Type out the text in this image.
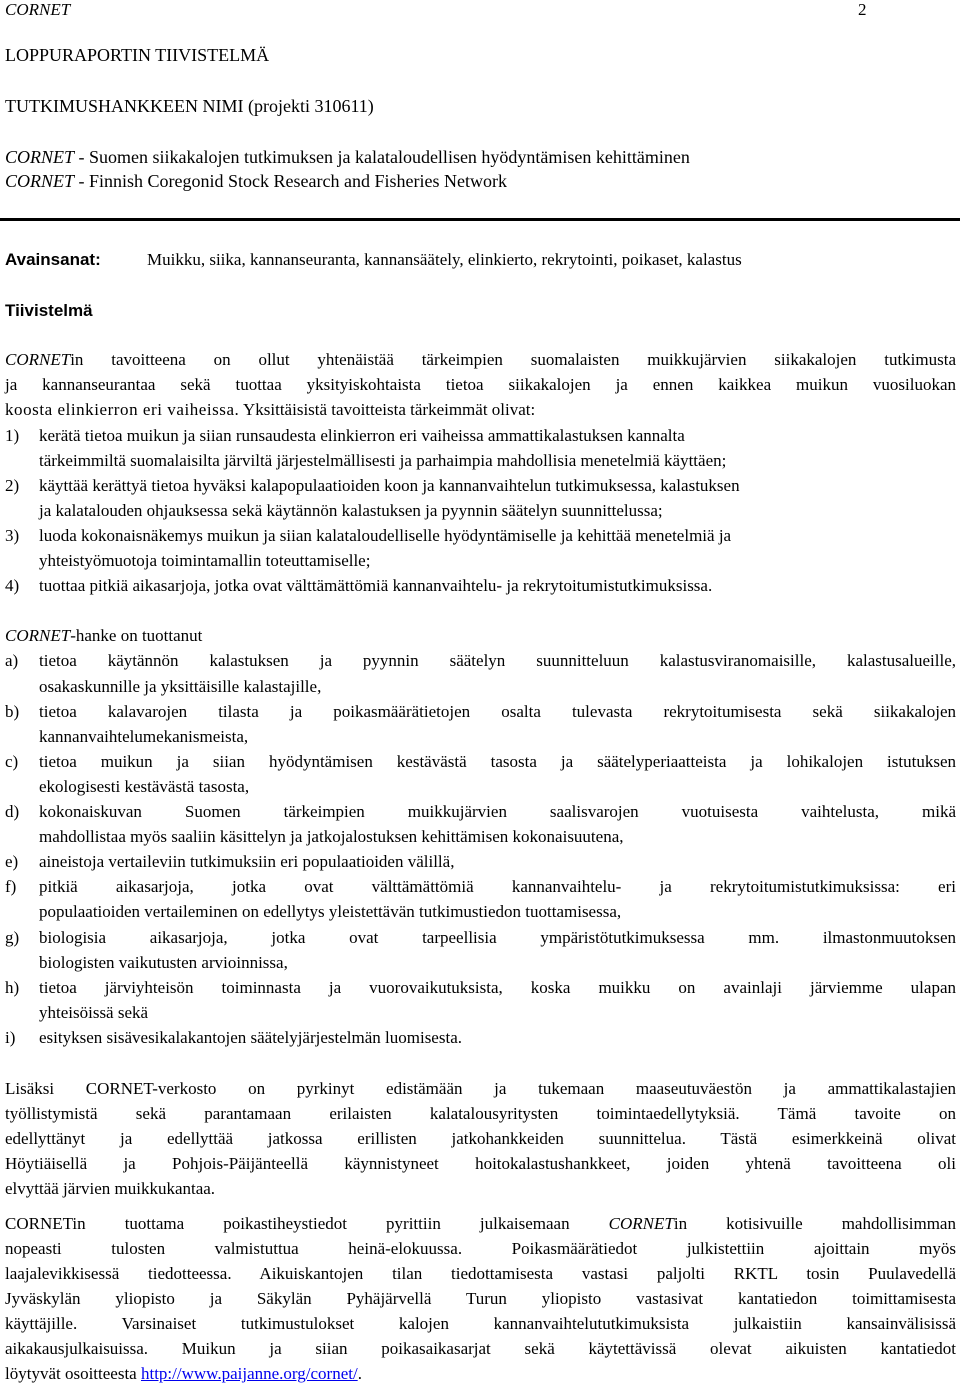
CORNET	2
LOPPURAPORTIN TIIVISTELMÄ
TUTKIMUSHANKKEEN NIMI (projekti 310611)
CORNET - Suomen siikakalojen tutkimuksen ja kalataloudellisen hyödyntämisen kehittäminen
CORNET - Finnish Coregonid Stock Research and Fisheries Network
Avainsanat:	Muikku, siika, kannanseuranta, kannansäätely, elinkierto, rekrytointi, poikaset, kalastus
Tiivistelmä
CORNETin tavoitteena on ollut yhtenäistää tärkeimpien suomalaisten muikkujärvien siikakalojen tutkimusta
ja kannanseurantaa sekä tuottaa yksityiskohtaista tietoa siikakalojen ja ennen kaikkea muikun vuosiluokan
koosta elinkierron eri vaiheissa. Yksittäisistä tavoitteista tärkeimmät olivat:
1) kerätä tietoa muikun ja siian runsaudesta elinkierron eri vaiheissa ammattikalastuksen kannalta
tärkeimmiltä suomalaisilta järviltä järjestelmällisesti ja parhaimpia mahdollisia menetelmiä käyttäen;
2) käyttää kerättyä tietoa hyväksi kalapopulaatioiden koon ja kannanvaihtelun tutkimuksessa, kalastuksen
ja kalatalouden ohjauksessa sekä käytännön kalastuksen ja pyynnin säätelyn suunnittelussa;
3) luoda kokonaisnäkemys muikun ja siian kalataloudelliselle hyödyntämiselle ja kehittää menetelmiä ja
yhteistyömuotoja toimintamallin toteuttamiselle;
4) tuottaa pitkiä aikasarjoja, jotka ovat välttämättömiä kannanvaihtelu- ja rekrytoitumistutkimuksissa.
CORNET-hanke on tuottanut
a) tietoa käytännön kalastuksen ja pyynnin säätelyn suunnitteluun kalastusviranomaisille, kalastusalueille,
osakaskunnille ja yksittäisille kalastajille,
b) tietoa kalavarojen tilasta ja poikasmäärätietojen osalta tulevasta rekrytoitumisesta sekä siikakalojen
kannanvaihtelumekanismeista,
c) tietoa muikun ja siian hyödyntämisen kestävästä tasosta ja säätelyperiaatteista ja lohikalojen istutuksen
ekologisesti kestävästä tasosta,
d) kokonaiskuvan Suomen tärkeimpien muikkujärvien saalisvarojen vuotuisesta vaihtelusta, mikä
mahdollistaa myös saaliin käsittelyn ja jatkojalostuksen kehittämisen kokonaisuutena,
e) aineistoja vertaileviin tutkimuksiin eri populaatioiden välillä,
f) pitkiä aikasarjoja, jotka ovat välttämättömiä kannanvaihtelu- ja rekrytoitumistutkimuksissa: eri
populaatioiden vertaileminen on edellytys yleistettävän tutkimustiedon tuottamisessa,
g) biologisia aikasarjoja, jotka ovat tarpeellisia ympäristötutkimuksessa mm. ilmastonmuutoksen
biologisten vaikutusten arvioinnissa,
h) tietoa järviyhteisön toiminnasta ja vuorovaikutuksista, koska muikku on avainlaji järviemme ulapan
yhteisöissä sekä
i) esityksen sisävesikalakantojen säätelyjärjestelmän luomisesta.
Lisäksi CORNET-verkosto on pyrkinyt edistämään ja tukemaan maaseutuväestön ja ammattikalastajien
työllistymistä sekä parantamaan erilaisten kalatalousyritysten toimintaedellytyksiä. Tämä tavoite on
edellyttänyt ja edellyttää jatkossa erillisten jatkohankkeiden suunnittelua. Tästä esimerkkeinä olivat
Höytiäisellä ja Pohjois-Päijänteellä käynnistyneet hoitokalastushankkeet, joiden yhtenä tavoitteena oli
elvyttää järvien muikkukantaa.
CORNETin tuottama poikastiheystiedot pyrittiin julkaisemaan CORNETin kotisivuille mahdollisimman
nopeasti tulosten valmistuttua heinä-elokuussa. Poikasmäärätiedot julkistettiin ajoittain myös
laajalevikkisessä tiedotteessa. Aikuiskantojen tilan tiedottamisesta vastasi paljolti RKTL tosin Puulavedellä
Jyväskylän yliopisto ja Säkylän Pyhäjärvellä Turun yliopisto vastasivat kantatiedon toimittamisesta
käyttäjille. Varsinaiset tutkimustulokset kalojen kannanvaihtelututkimuksista julkaistiin kansainvälisissä
aikakausjulkaisuissa. Muikun ja siian poikasaikasarjat sekä käytettävissä olevat aikuisten kantatiedot
löytyvät osoitteesta http://www.paijanne.org/cornet/.
